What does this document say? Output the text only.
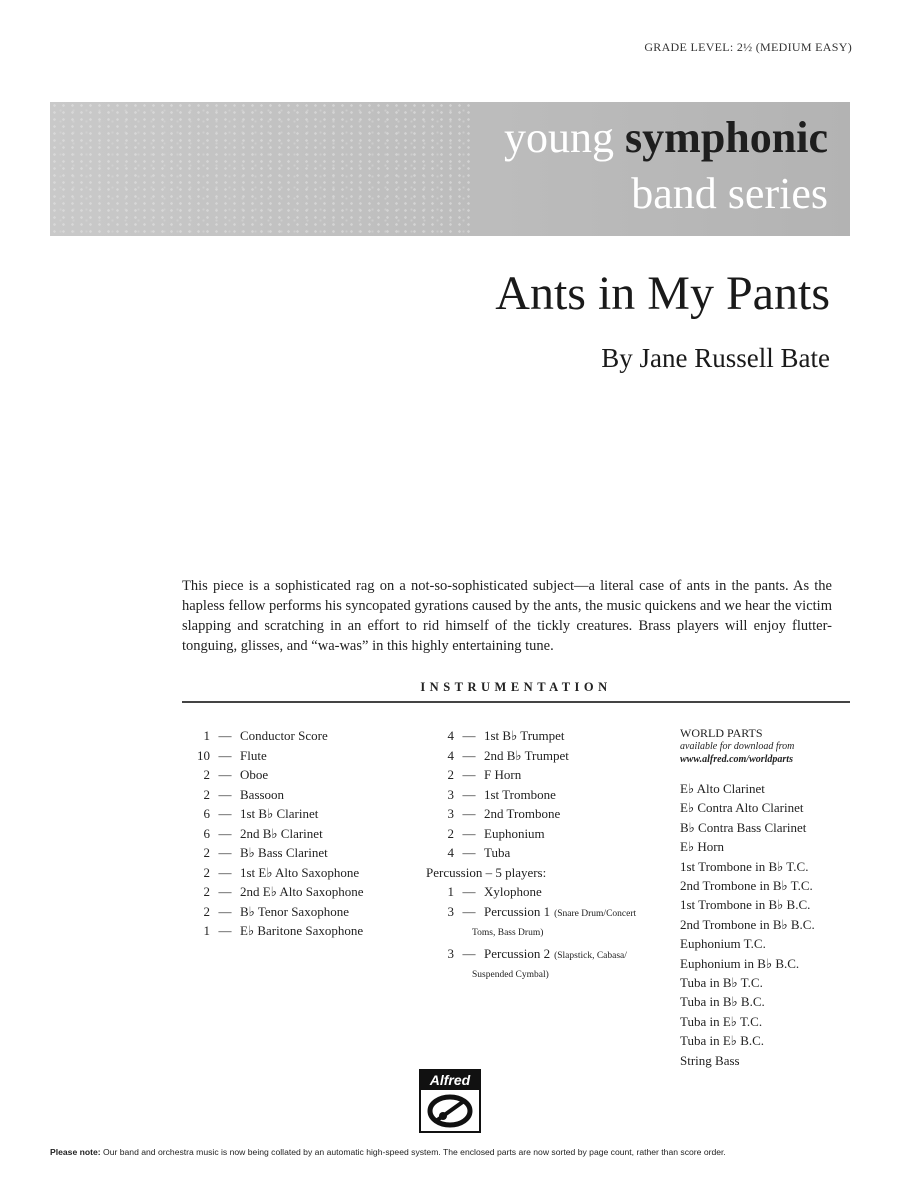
GRADE LEVEL: 2½ (MEDIUM EASY)
young symphonic
band series
Ants in My Pants
By Jane Russell Bate
This piece is a sophisticated rag on a not-so-sophisticated subject—a literal case of ants in the pants. As the hapless fellow performs his syncopated gyrations caused by the ants, the music quickens and we hear the victim slapping and scratching in an effort to rid himself of the tickly creatures. Brass players will enjoy flutter-tonguing, glisses, and “wa-was” in this highly entertaining tune.
INSTRUMENTATION
1 — Conductor Score
10 — Flute
2 — Oboe
2 — Bassoon
6 — 1st B♭ Clarinet
6 — 2nd B♭ Clarinet
2 — B♭ Bass Clarinet
2 — 1st E♭ Alto Saxophone
2 — 2nd E♭ Alto Saxophone
2 — B♭ Tenor Saxophone
1 — E♭ Baritone Saxophone
4 — 1st B♭ Trumpet
4 — 2nd B♭ Trumpet
2 — F Horn
3 — 1st Trombone
3 — 2nd Trombone
2 — Euphonium
4 — Tuba
Percussion – 5 players:
1 — Xylophone
3 — Percussion 1 (Snare Drum/Concert
Toms, Bass Drum)
3 — Percussion 2 (Slapstick, Cabasa/
Suspended Cymbal)
WORLD PARTS
available for download from
www.alfred.com/worldparts
E♭ Alto Clarinet
E♭ Contra Alto Clarinet
B♭ Contra Bass Clarinet
E♭ Horn
1st Trombone in B♭ T.C.
2nd Trombone in B♭ T.C.
1st Trombone in B♭ B.C.
2nd Trombone in B♭ B.C.
Euphonium T.C.
Euphonium in B♭ B.C.
Tuba in B♭ T.C.
Tuba in B♭ B.C.
Tuba in E♭ T.C.
Tuba in E♭ B.C.
String Bass
Alfred
Please note: Our band and orchestra music is now being collated by an automatic high-speed system. The enclosed parts are now sorted by page count, rather than score order.
